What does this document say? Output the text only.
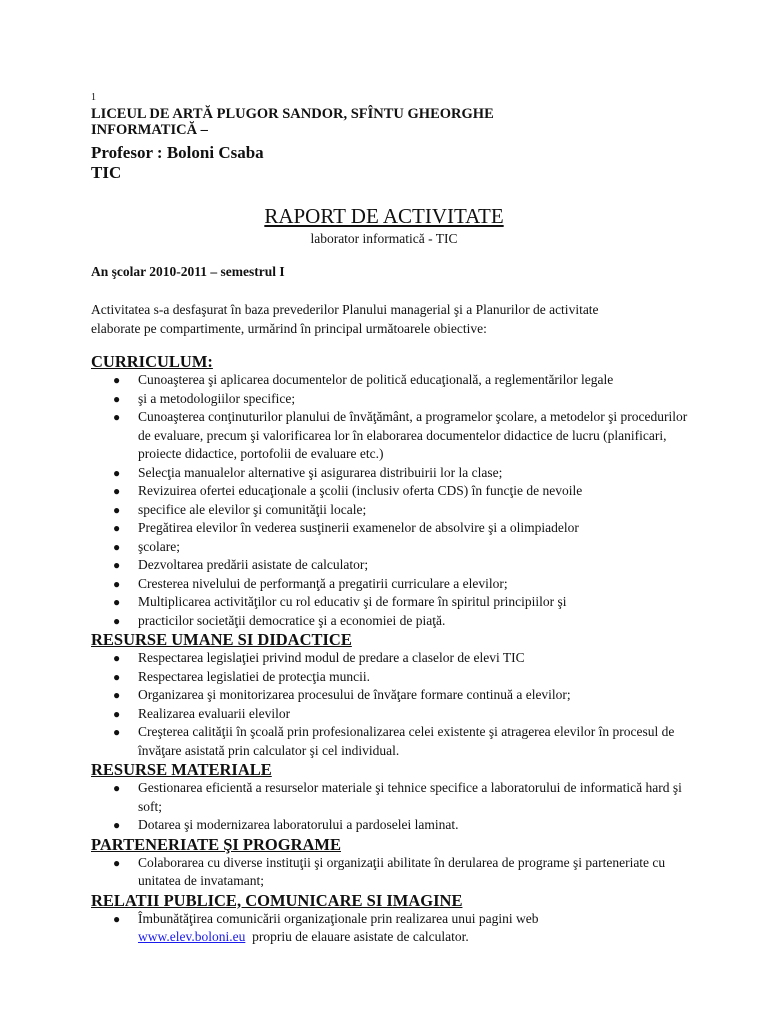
1
LICEUL DE ARTĂ PLUGOR SANDOR, SFÎNTU GHEORGHE
INFORMATICĂ –
Profesor : Boloni Csaba
TIC
RAPORT DE ACTIVITATE
laborator informatică - TIC
An şcolar 2010-2011 – semestrul I
Activitatea s-a desfaşurat în baza prevederilor Planului managerial şi a Planurilor de activitate elaborate pe compartimente, urmărind în principal următoarele obiective:
CURRICULUM:
● Cunoaşterea şi aplicarea documentelor de politică educaţională, a reglementărilor legale
● şi a metodologiilor specifice;
● Cunoaşterea conţinuturilor planului de învăţământ, a programelor şcolare, a metodelor şi procedurilor de evaluare, precum şi valorificarea lor în elaborarea documentelor didactice de lucru (planificari, proiecte didactice, portofolii de evaluare etc.)
● Selecţia manualelor alternative şi asigurarea distribuirii lor la clase;
● Revizuirea ofertei educaţionale a şcolii (inclusiv oferta CDS) în funcţie de nevoile
● specifice ale elevilor şi comunităţii locale;
● Pregătirea elevilor în vederea susţinerii examenelor de absolvire şi a olimpiadelor
● şcolare;
● Dezvoltarea predării asistate de calculator;
● Cresterea nivelului de performanţă a pregatirii curriculare a elevilor;
● Multiplicarea activităţilor cu rol educativ şi de formare în spiritul principiilor şi
● practicilor societăţii democratice şi a economiei de piaţă.
RESURSE UMANE SI DIDACTICE
● Respectarea legislaţiei privind modul de predare a claselor de elevi TIC
● Respectarea legislatiei de protecţia muncii.
● Organizarea şi monitorizarea procesului de învăţare formare continuă a elevilor;
● Realizarea evaluarii elevilor
● Creşterea calităţii în şcoală prin profesionalizarea celei existente şi atragerea elevilor în procesul de învăţare asistată prin calculator şi cel individual.
RESURSE MATERIALE
● Gestionarea eficientă a resurselor materiale şi tehnice specifice a laboratorului de informatică hard şi soft;
● Dotarea şi modernizarea laboratorului a pardoselei laminat.
PARTENERIATE ŞI PROGRAME
● Colaborarea cu diverse instituţii şi organizaţii abilitate în derularea de programe şi parteneriate cu unitatea de invatamant;
RELATII PUBLICE, COMUNICARE SI IMAGINE
● Îmbunătăţirea comunicării organizaţionale prin realizarea unui pagini web
www.elev.boloni.eu  propriu de elauare asistate de calculator.
